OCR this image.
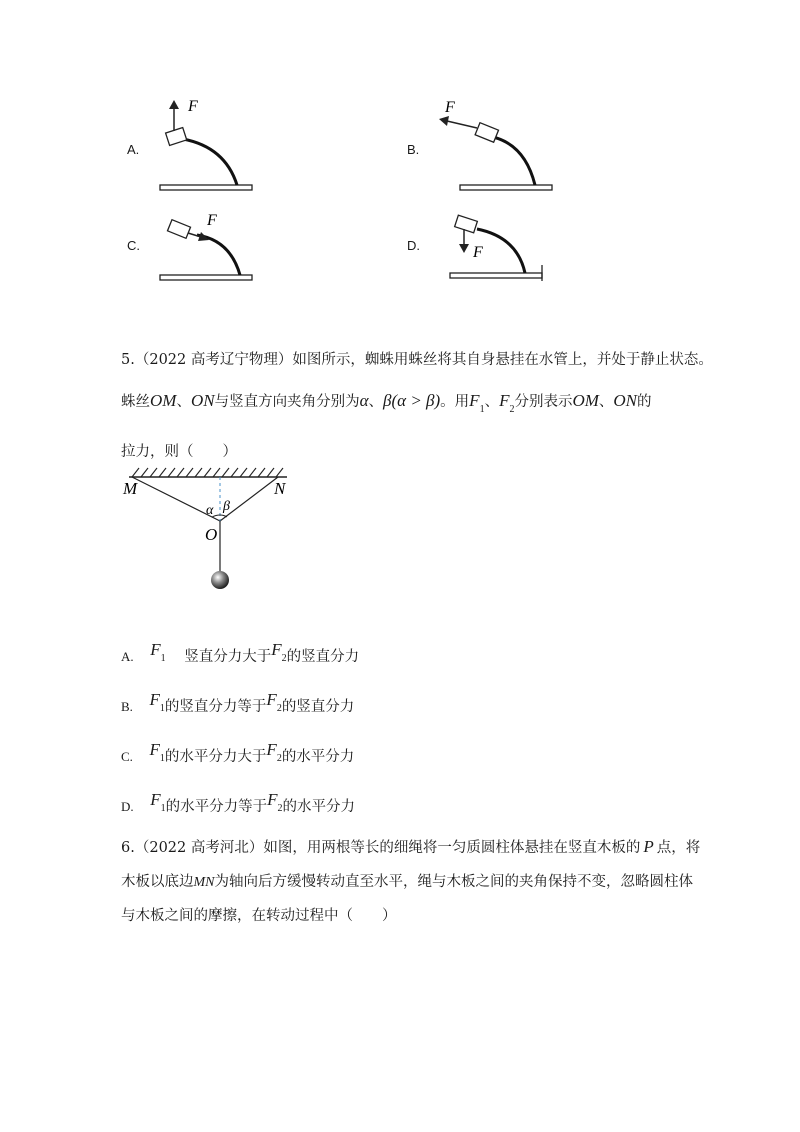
A.
F
B.
F
C.
F
D.	F
5.（2022 高考辽宁物理）如图所示，蜘蛛用蛛丝将其自身悬挂在水管上，并处于静止状态。
蛛丝OM、ON与竖直方向夹角分别为α、β(α > β)。用$F_1$、$F_2$分别表示OM、ON的
拉力，则（　　）
M	N
O
α β
A. $F_1$ 竖直分力大于$F_2$的竖直分力
B. $F_1$的竖直分力等于$F_2$的竖直分力
C. $F_1$的水平分力大于$F_2$的水平分力
D. $F_1$的水平分力等于$F_2$的水平分力
6.（2022 高考河北）如图，用两根等长的细绳将一匀质圆柱体悬挂在竖直木板的 P 点，将
木板以底边MN为轴向后方缓慢转动直至水平，绳与木板之间的夹角保持不变，忽略圆柱体
与木板之间的摩擦，在转动过程中（　　）
